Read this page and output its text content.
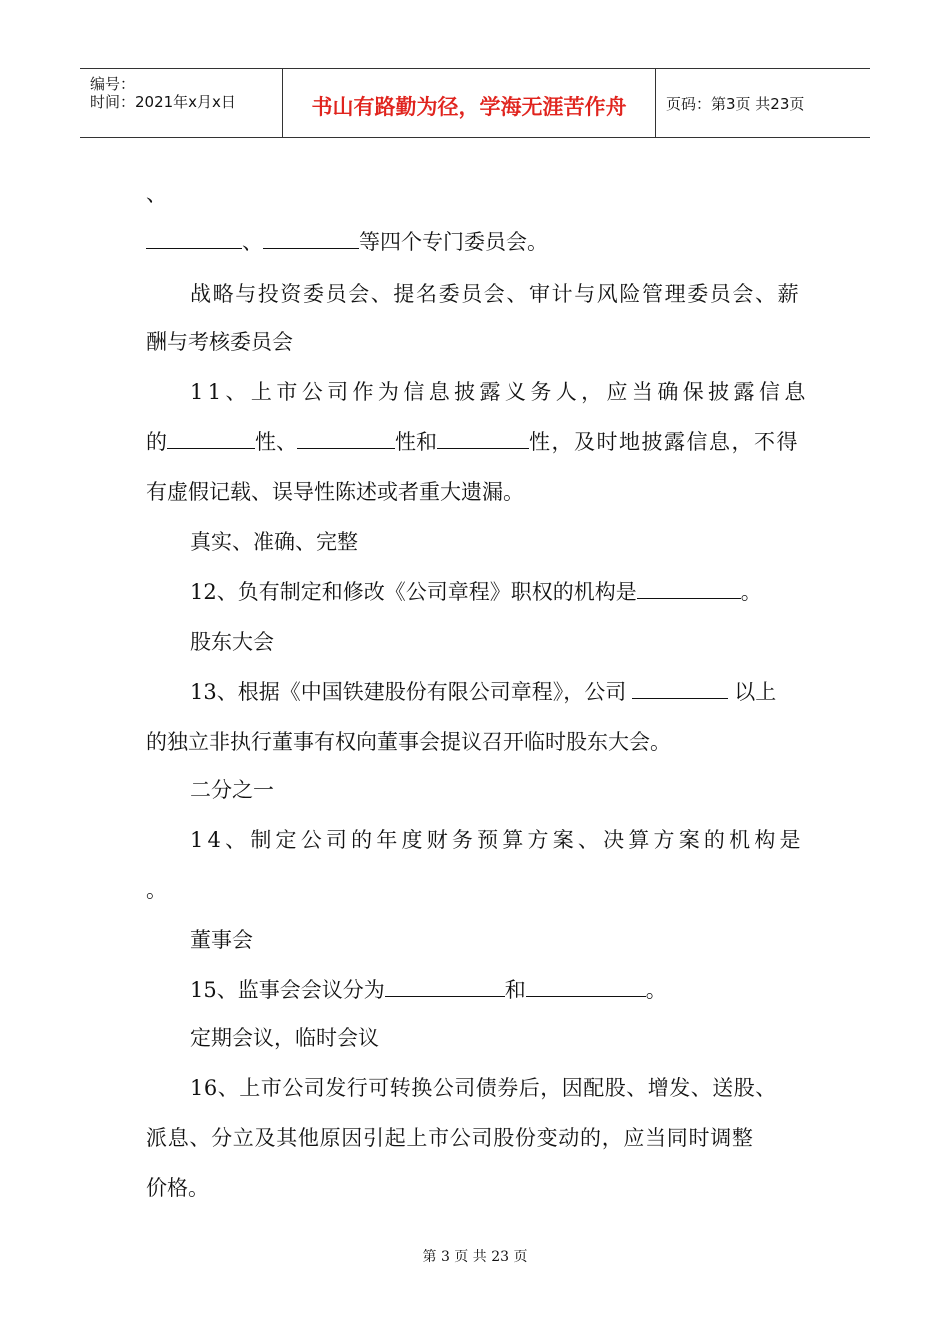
编号：
时间：2021年x月x日	书山有路勤为径，学海无涯苦作舟	页码：第3页 共23页
、
、	等四个专门委员会。
战略与投资委员会、提名委员会、审计与风险管理委员会、薪
酬与考核委员会
11、上市公司作为信息披露义务人，应当确保披露信息
的	性、	性和	性，及时地披露信息，不得
有虚假记载、误导性陈述或者重大遗漏。
真实、准确、完整
12、负有制定和修改《公司章程》职权的机构是	。
股东大会
13、根据《中国铁建股份有限公司章程》，公司	以上
的独立非执行董事有权向董事会提议召开临时股东大会。
二分之一
14、制定公司的年度财务预算方案、决算方案的机构是
。
董事会
15、监事会会议分为	和	。
定期会议，临时会议
16、上市公司发行可转换公司债券后，因配股、增发、送股、
派息、分立及其他原因引起上市公司股份变动的，应当同时调整
价格。
第 3 页 共 23 页
